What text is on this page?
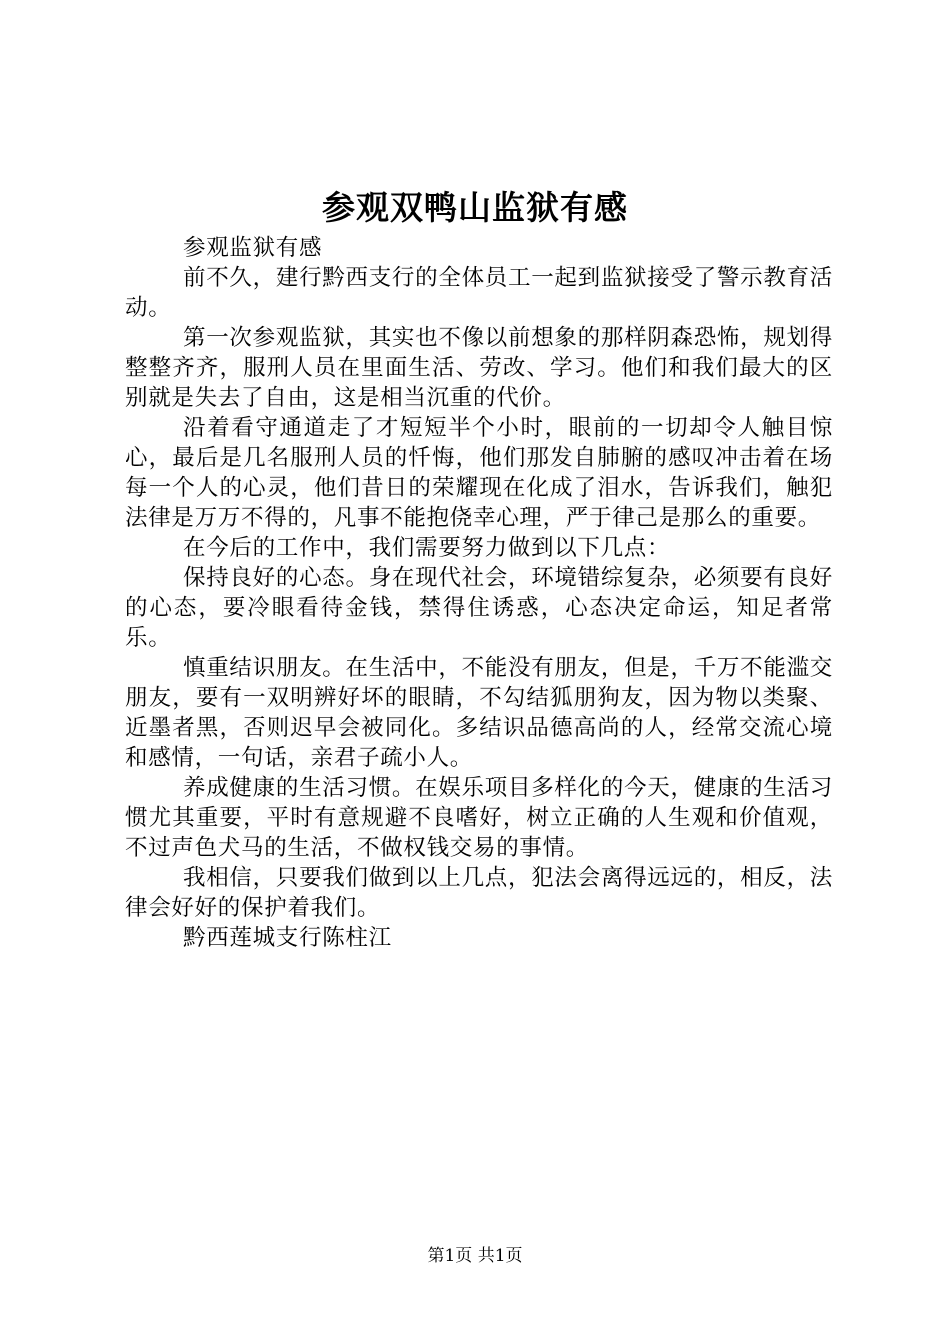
参观双鸭山监狱有感

参观监狱有感

前不久，建行黔西支行的全体员工一起到监狱接受了警示教育活动。

第一次参观监狱，其实也不像以前想象的那样阴森恐怖，规划得整整齐齐，服刑人员在里面生活、劳改、学习。他们和我们最大的区别就是失去了自由，这是相当沉重的代价。

沿着看守通道走了才短短半个小时，眼前的一切却令人触目惊心，最后是几名服刑人员的忏悔，他们那发自肺腑的感叹冲击着在场每一个人的心灵，他们昔日的荣耀现在化成了泪水，告诉我们，触犯法律是万万不得的，凡事不能抱侥幸心理，严于律己是那么的重要。

在今后的工作中，我们需要努力做到以下几点：

保持良好的心态。身在现代社会，环境错综复杂，必须要有良好的心态，要冷眼看待金钱，禁得住诱惑，心态决定命运，知足者常乐。

慎重结识朋友。在生活中，不能没有朋友，但是，千万不能滥交朋友，要有一双明辨好坏的眼睛，不勾结狐朋狗友，因为物以类聚、近墨者黑，否则迟早会被同化。多结识品德高尚的人，经常交流心境和感情，一句话，亲君子疏小人。

养成健康的生活习惯。在娱乐项目多样化的今天，健康的生活习惯尤其重要，平时有意规避不良嗜好，树立正确的人生观和价值观，不过声色犬马的生活，不做权钱交易的事情。

我相信，只要我们做到以上几点，犯法会离得远远的，相反，法律会好好的保护着我们。

黔西莲城支行陈柱江

第1页 共1页
